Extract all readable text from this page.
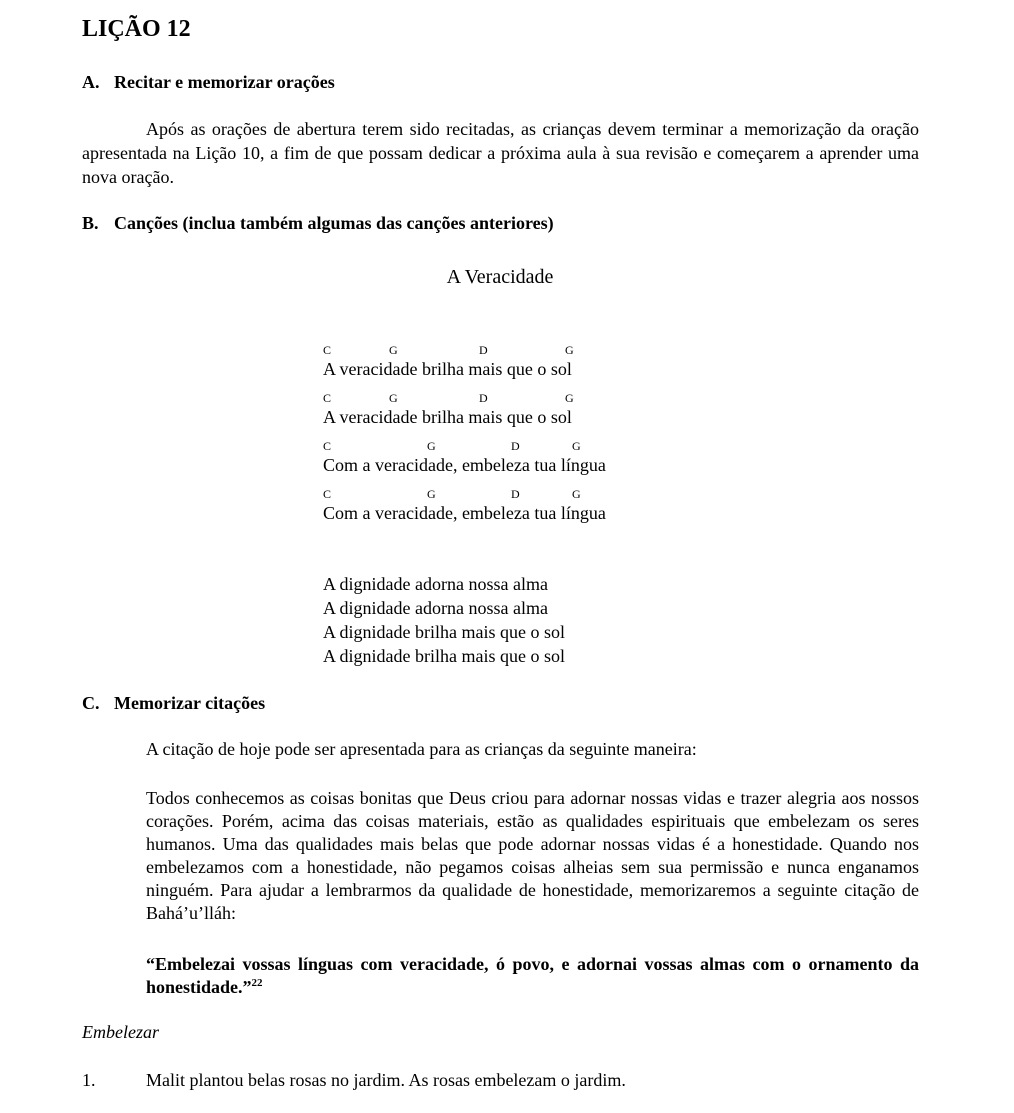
LIÇÃO 12
A. Recitar e memorizar orações
Após as orações de abertura terem sido recitadas, as crianças devem terminar a memorização da oração apresentada na Lição 10, a fim de que possam dedicar a próxima aula à sua revisão e começarem a aprender uma nova oração.
B. Canções (inclua também algumas das canções anteriores)
A Veracidade
C	G	D	G
A veracidade brilha mais que o sol
C	G	D	G
A veracidade brilha mais que o sol
C	G	D	G
Com a veracidade, embeleza tua língua
C	G	D	G
Com a veracidade, embeleza tua língua
A dignidade adorna nossa alma
A dignidade adorna nossa alma
A dignidade brilha mais que o sol
A dignidade brilha mais que o sol
C. Memorizar citações
A citação de hoje pode ser apresentada para as crianças da seguinte maneira:
Todos conhecemos as coisas bonitas que Deus criou para adornar nossas vidas e trazer alegria aos nossos corações. Porém, acima das coisas materiais, estão as qualidades espirituais que embelezam os seres humanos. Uma das qualidades mais belas que pode adornar nossas vidas é a honestidade. Quando nos embelezamos com a honestidade, não pegamos coisas alheias sem sua permissão e nunca enganamos ninguém. Para ajudar a lembrarmos da qualidade de honestidade, memorizaremos a seguinte citação de Bahá’u’lláh:
“Embelezai vossas línguas com veracidade, ó povo, e adornai vossas almas com o ornamento da honestidade.”$^{22}$
Embelezar
1.	Malit plantou belas rosas no jardim. As rosas embelezam o jardim.
